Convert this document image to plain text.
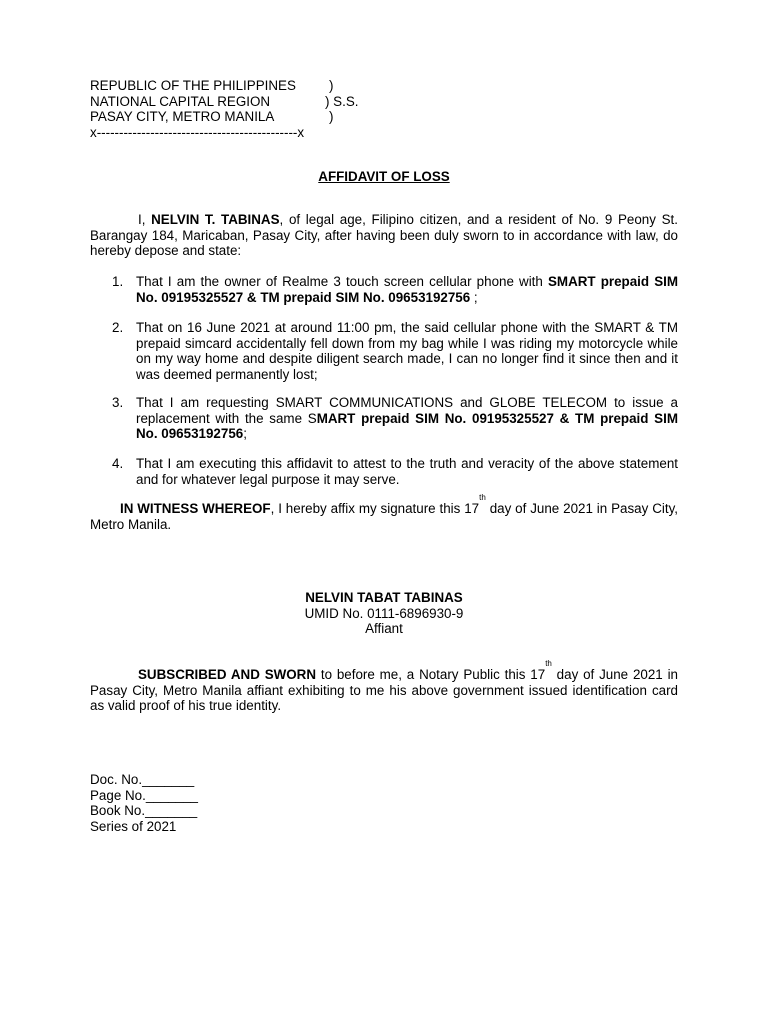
REPUBLIC OF THE PHILIPPINES )
NATIONAL CAPITAL REGION	) S.S.
PASAY CITY, METRO MANILA	)
x---------------------------------------------x
AFFIDAVIT OF LOSS
I, NELVIN T. TABINAS, of legal age, Filipino citizen, and a resident of No. 9 Peony St. Barangay 184, Maricaban, Pasay City, after having been duly sworn to in accordance with law, do hereby depose and state:
1. That I am the owner of Realme 3 touch screen cellular phone with SMART prepaid SIM No. 09195325527 & TM prepaid SIM No. 09653192756 ;
2. That on 16 June 2021 at around 11:00 pm, the said cellular phone with the SMART & TM prepaid simcard accidentally fell down from my bag while I was riding my motorcycle while on my way home and despite diligent search made, I can no longer find it since then and it was deemed permanently lost;
3. That I am requesting SMART COMMUNICATIONS and GLOBE TELECOM to issue a replacement with the same SMART prepaid SIM No. 09195325527 & TM prepaid SIM No. 09653192756;
4. That I am executing this affidavit to attest to the truth and veracity of the above statement and for whatever legal purpose it may serve.
IN WITNESS WHEREOF, I hereby affix my signature this 17th day of June 2021 in Pasay City, Metro Manila.
NELVIN TABAT TABINAS
UMID No. 0111-6896930-9
Affiant
SUBSCRIBED AND SWORN to before me, a Notary Public this 17th day of June 2021 in Pasay City, Metro Manila affiant exhibiting to me his above government issued identification card as valid proof of his true identity.
Doc. No._______
Page No._______
Book No._______
Series of 2021
